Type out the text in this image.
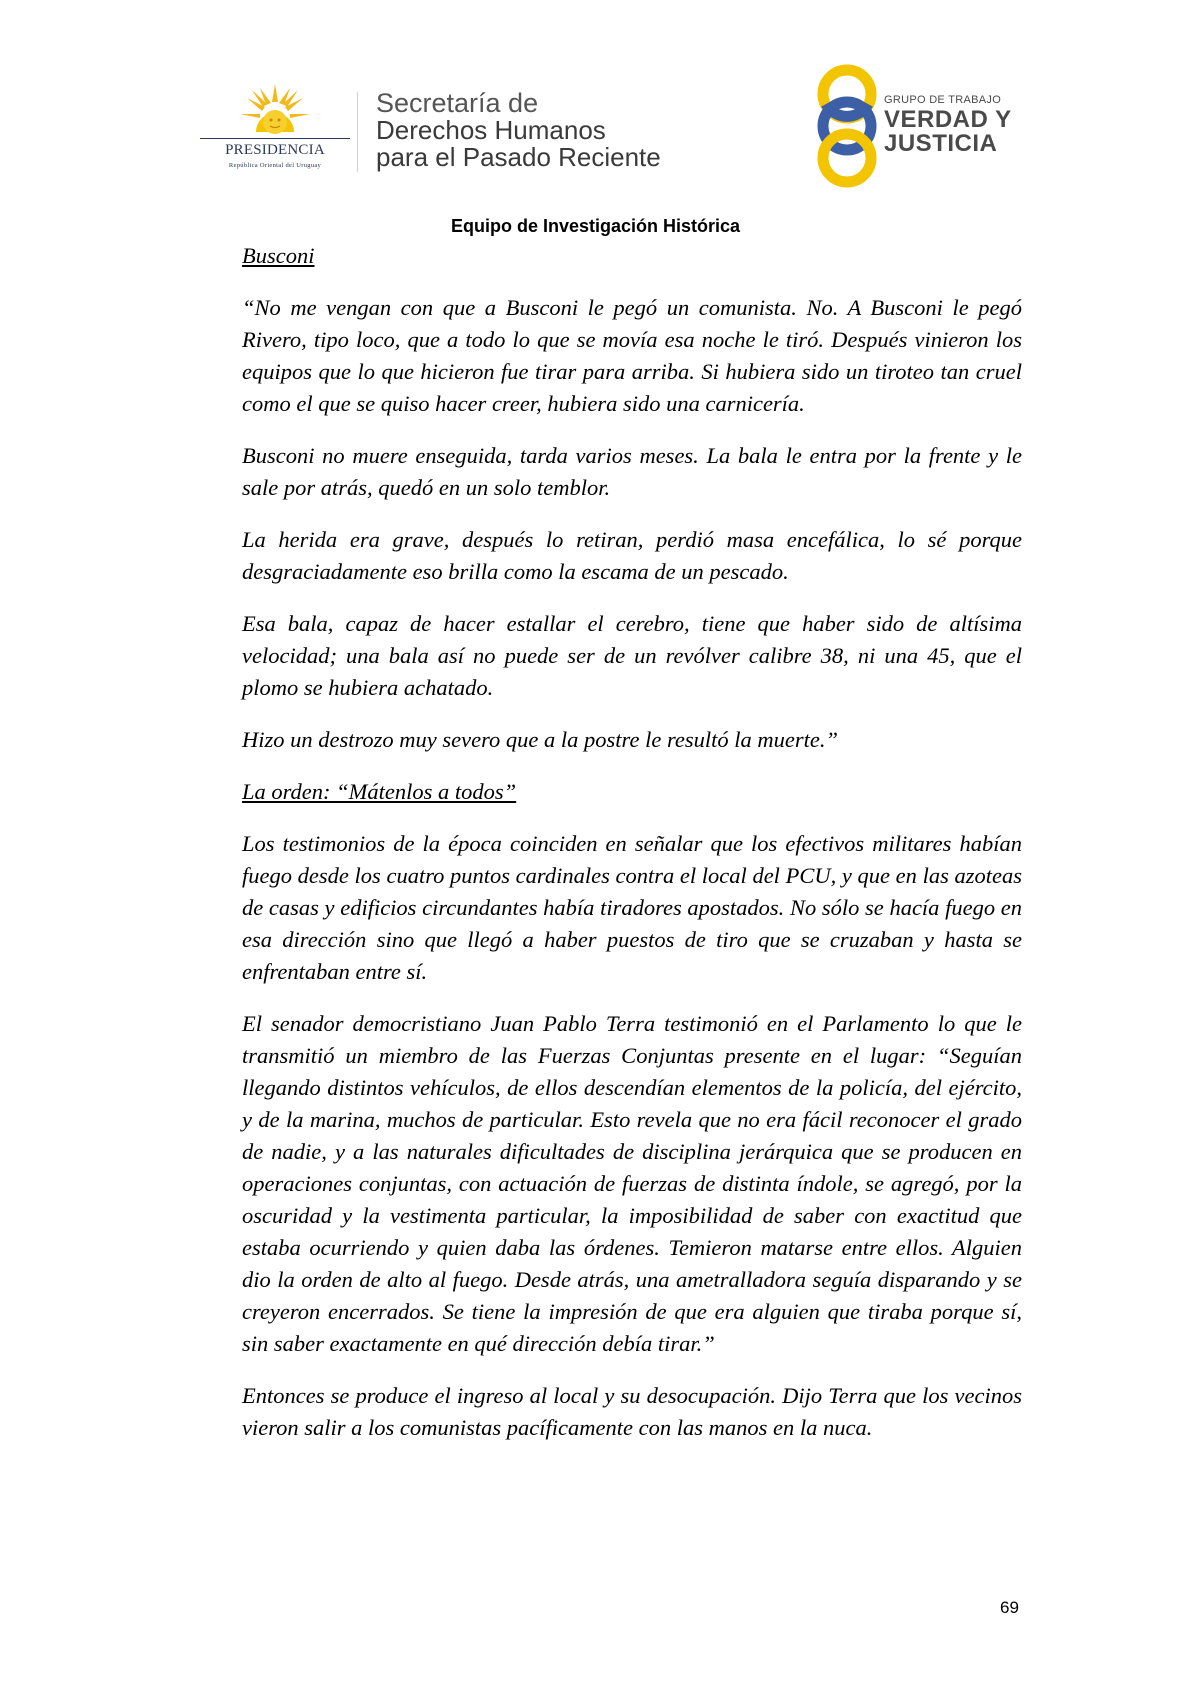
PRESIDENCIA
República Oriental del Uruguay
Secretaría de
Derechos Humanos
para el Pasado Reciente
GRUPO DE TRABAJO
VERDAD Y
JUSTICIA
Equipo de Investigación Histórica

Busconi

“No me vengan con que a Busconi le pegó un comunista. No. A Busconi le pegó Rivero, tipo loco, que a todo lo que se movía esa noche le tiró. Después vinieron los equipos que lo que hicieron fue tirar para arriba. Si hubiera sido un tiroteo tan cruel como el que se quiso hacer creer, hubiera sido una carnicería.

Busconi no muere enseguida, tarda varios meses. La bala le entra por la frente y le sale por atrás, quedó en un solo temblor.

La herida era grave, después lo retiran, perdió masa encefálica, lo sé porque desgraciadamente eso brilla como la escama de un pescado.

Esa bala, capaz de hacer estallar el cerebro, tiene que haber sido de altísima velocidad; una bala así no puede ser de un revólver calibre 38, ni una 45, que el plomo se hubiera achatado.

Hizo un destrozo muy severo que a la postre le resultó la muerte.”

La orden: “Mátenlos a todos”

Los testimonios de la época coinciden en señalar que los efectivos militares habían fuego desde los cuatro puntos cardinales contra el local del PCU, y que en las azoteas de casas y edificios circundantes había tiradores apostados. No sólo se hacía fuego en esa dirección sino que llegó a haber puestos de tiro que se cruzaban y hasta se enfrentaban entre sí.

El senador democristiano Juan Pablo Terra testimonió en el Parlamento lo que le transmitió un miembro de las Fuerzas Conjuntas presente en el lugar: “Seguían llegando distintos vehículos, de ellos descendían elementos de la policía, del ejército, y de la marina, muchos de particular. Esto revela que no era fácil reconocer el grado de nadie, y a las naturales dificultades de disciplina jerárquica que se producen en operaciones conjuntas, con actuación de fuerzas de distinta índole, se agregó, por la oscuridad y la vestimenta particular, la imposibilidad de saber con exactitud que estaba ocurriendo y quien daba las órdenes. Temieron matarse entre ellos. Alguien dio la orden de alto al fuego. Desde atrás, una ametralladora seguía disparando y se creyeron encerrados. Se tiene la impresión de que era alguien que tiraba porque sí, sin saber exactamente en qué dirección debía tirar.”

Entonces se produce el ingreso al local y su desocupación. Dijo Terra que los vecinos vieron salir a los comunistas pacíficamente con las manos en la nuca.

69
